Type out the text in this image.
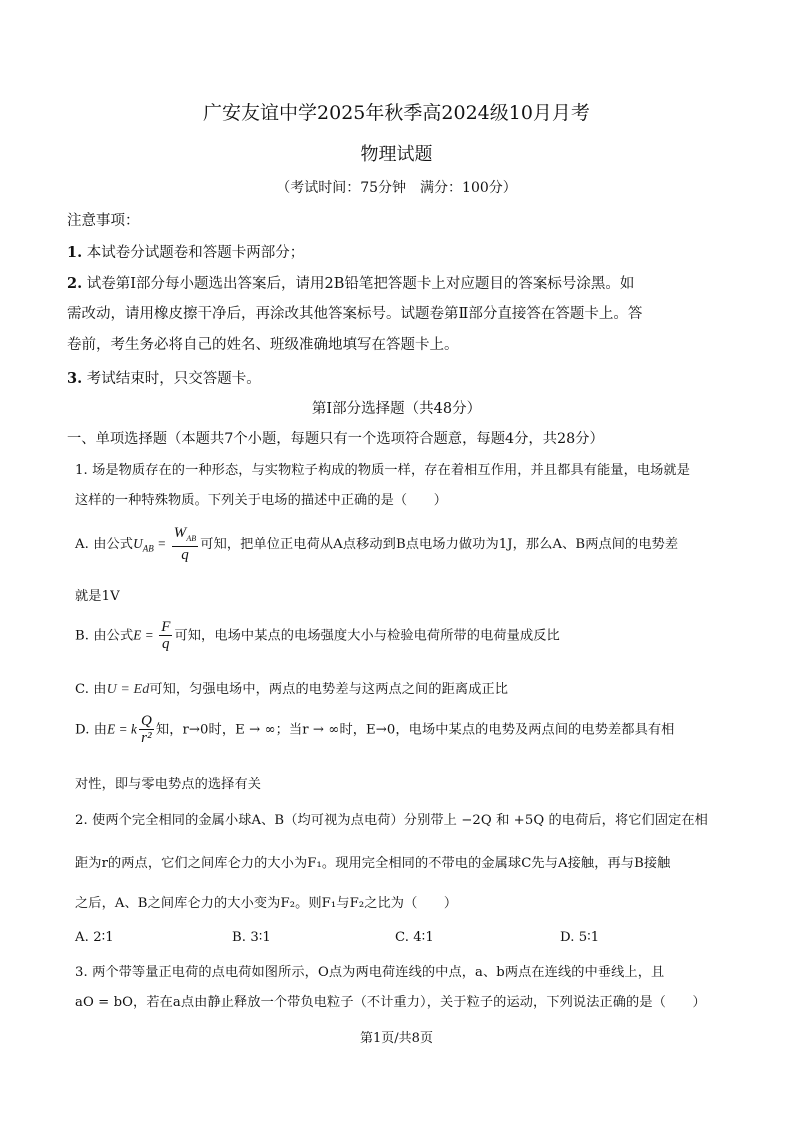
广安友谊中学2025年秋季高2024级10月月考
物理试题
（考试时间：75分钟　满分：100分）
注意事项：
1. 本试卷分试题卷和答题卡两部分；
2. 试卷第Ⅰ部分每小题选出答案后，请用2B铅笔把答题卡上对应题目的答案标号涂黑。如
需改动，请用橡皮擦干净后，再涂改其他答案标号。试题卷第Ⅱ部分直接答在答题卡上。答
卷前，考生务必将自己的姓名、班级准确地填写在答题卡上。
3. 考试结束时，只交答题卡。
第Ⅰ部分选择题（共48分）
一、单项选择题（本题共7个小题，每题只有一个选项符合题意，每题4分，共28分）
1. 场是物质存在的一种形态，与实物粒子构成的物质一样，存在着相互作用，并且都具有能量，电场就是
这样的一种特殊物质。下列关于电场的描述中正确的是（　　）
A. 由公式$U_{AB} = \frac{W_{AB}}{q}$ 可知，把单位正电荷从A点移动到B点电场力做功为1J，那么A、B两点间的电势差
就是1V
B. 由公式$E = \frac{F}{q}$ 可知，电场中某点的电场强度大小与检验电荷所带的电荷量成反比
C. 由U = Ed可知，匀强电场中，两点的电势差与这两点之间的距离成正比
D. 由E = k $\frac{Q}{\text{r²}}$ 知，r→0时，E → ∞；当r → ∞时，E→0，电场中某点的电势及两点间的电势差都具有相
对性，即与零电势点的选择有关
2. 使两个完全相同的金属小球A、B（均可视为点电荷）分别带上 −2Q 和 +5Q 的电荷后，将它们固定在相
距为r的两点，它们之间库仑力的大小为F₁。现用完全相同的不带电的金属球C先与A接触，再与B接触
之后，A、B之间库仑力的大小变为F₂。则F₁与F₂之比为（　　）
A. 2∶1	B. 3∶1	C. 4∶1	D. 5∶1
3. 两个带等量正电荷的点电荷如图所示，O点为两电荷连线的中点，a、b两点在连线的中垂线上，且
aO = bO，若在a点由静止释放一个带负电粒子（不计重力），关于粒子的运动，下列说法正确的是（　　）
第1页/共8页
